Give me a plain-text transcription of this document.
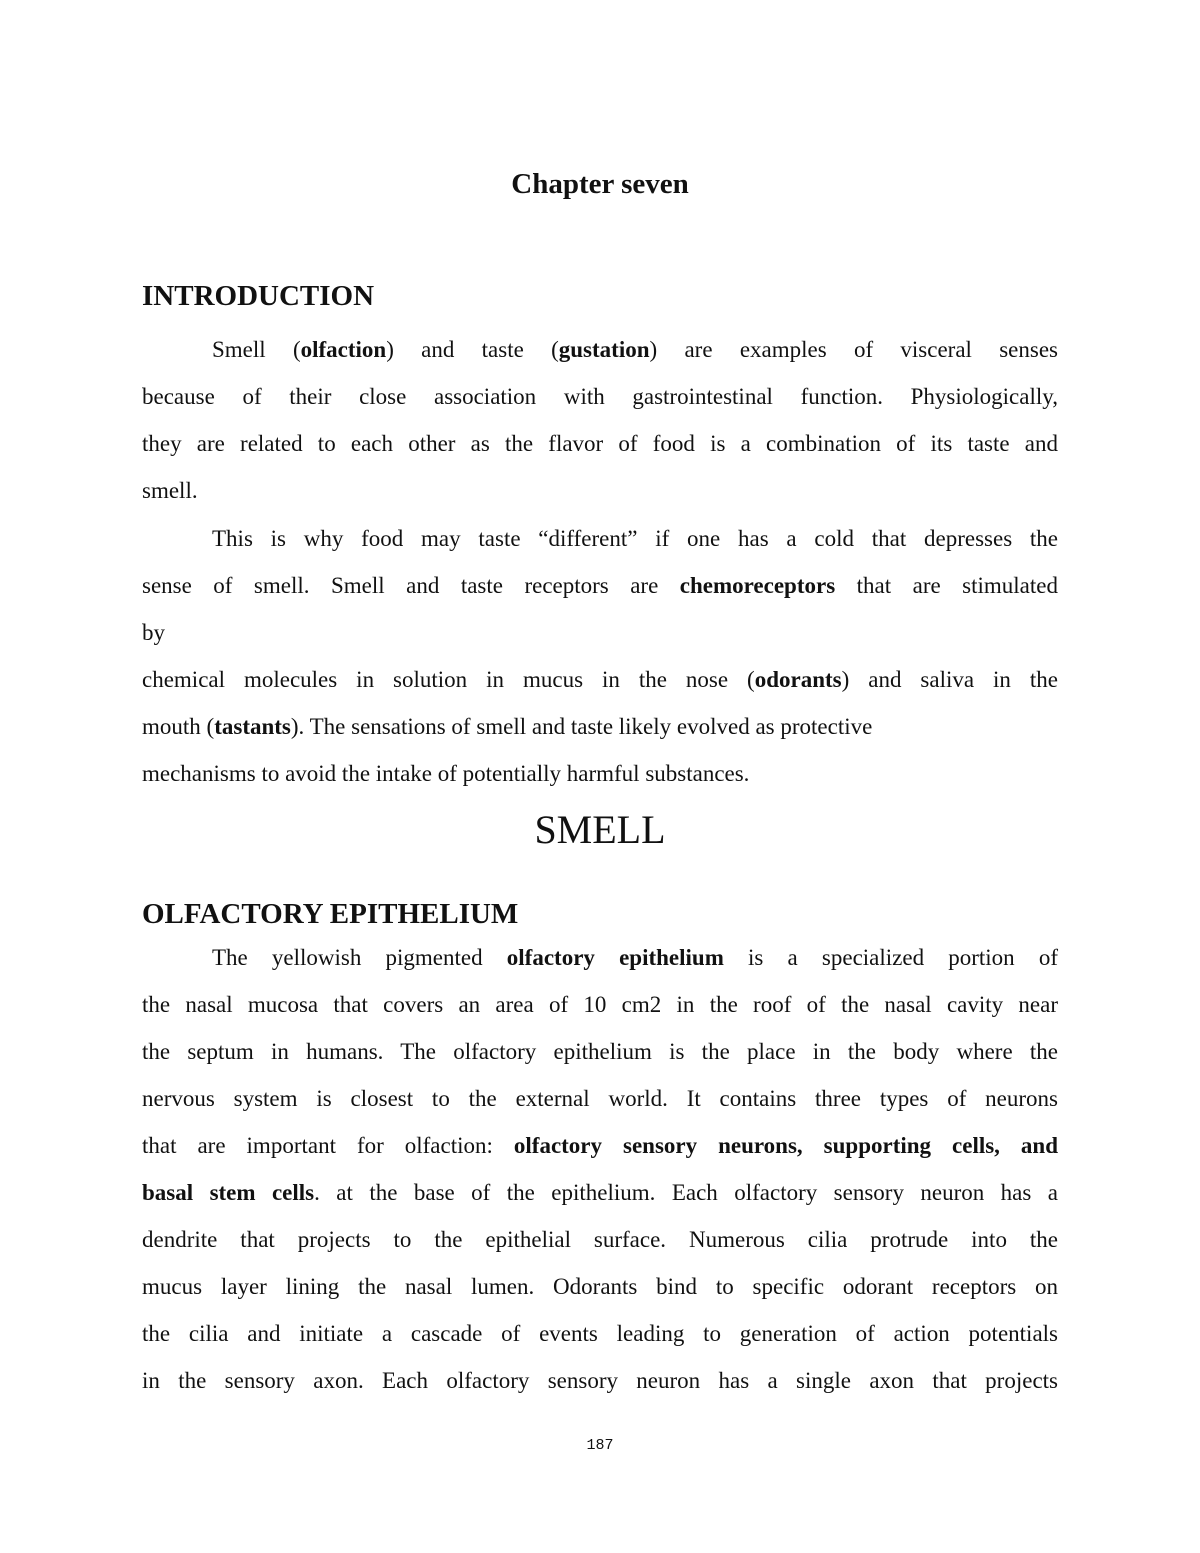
Chapter seven
INTRODUCTION
Smell (olfaction) and taste (gustation) are examples of visceral senses
because of their close association with gastrointestinal function. Physiologically,
they are related to each other as the flavor of food is a combination of its taste and
smell.
This is why food may taste “different” if one has a cold that depresses the
sense of smell. Smell and taste receptors are chemoreceptors that are stimulated
by
chemical molecules in solution in mucus in the nose (odorants) and saliva in the
mouth (tastants). The sensations of smell and taste likely evolved as protective
mechanisms to avoid the intake of potentially harmful substances.
SMELL
OLFACTORY EPITHELIUM
The yellowish pigmented olfactory epithelium is a specialized portion of
the nasal mucosa that covers an area of 10 cm2 in the roof of the nasal cavity near
the septum in humans. The olfactory epithelium is the place in the body where the
nervous system is closest to the external world. It contains three types of neurons
that are important for olfaction: olfactory sensory neurons, supporting cells, and
basal stem cells. at the base of the epithelium. Each olfactory sensory neuron has a
dendrite that projects to the epithelial surface. Numerous cilia protrude into the
mucus layer lining the nasal lumen. Odorants bind to specific odorant receptors on
the cilia and initiate a cascade of events leading to generation of action potentials
in the sensory axon. Each olfactory sensory neuron has a single axon that projects
187
